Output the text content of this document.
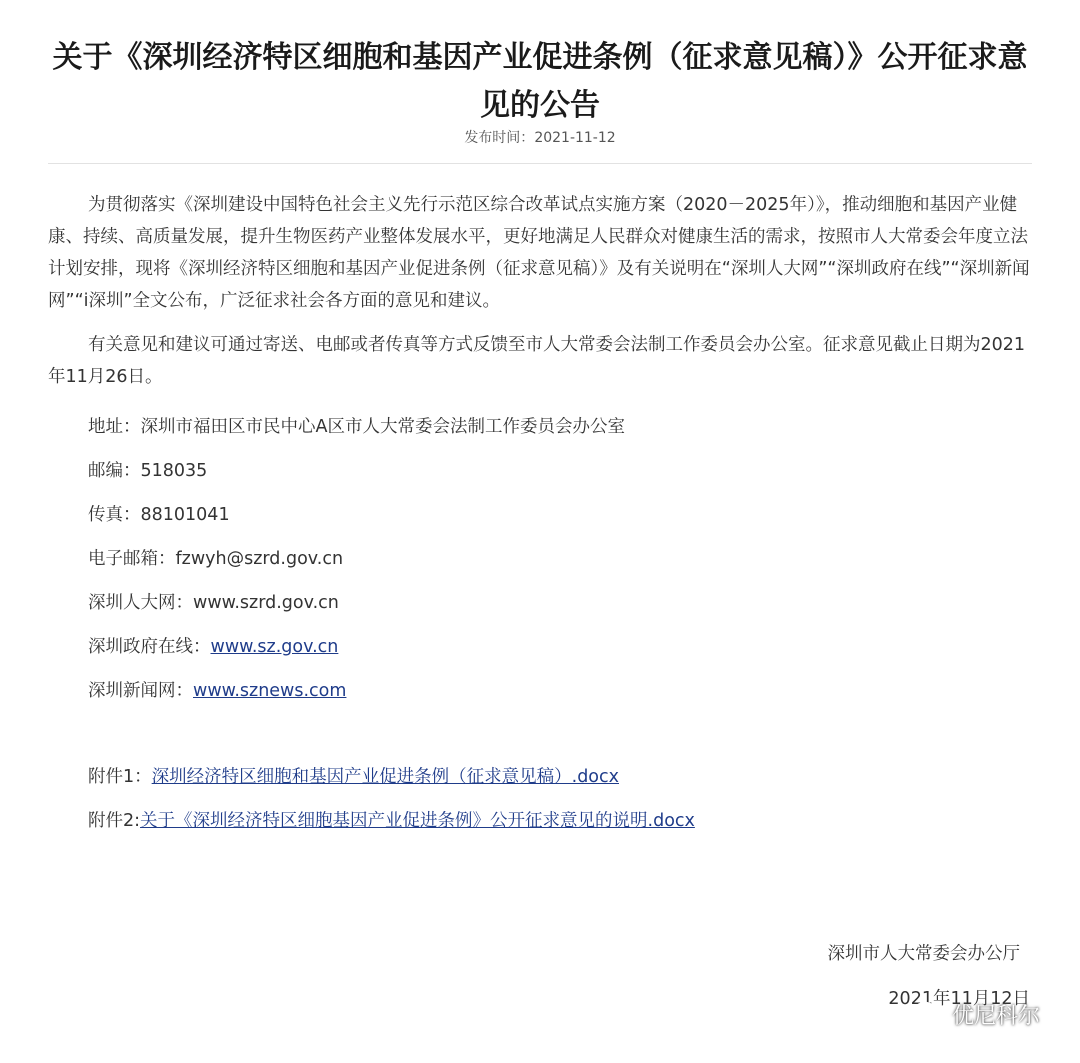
关于《深圳经济特区细胞和基因产业促进条例（征求意见稿）》公开征求意见的公告
发布时间：2021-11-12

为贯彻落实《深圳建设中国特色社会主义先行示范区综合改革试点实施方案（2020－2025年）》，推动细胞和基因产业健康、持续、高质量发展，提升生物医药产业整体发展水平，更好地满足人民群众对健康生活的需求，按照市人大常委会年度立法计划安排，现将《深圳经济特区细胞和基因产业促进条例（征求意见稿）》及有关说明在“深圳人大网”“深圳政府在线”“深圳新闻网”“i深圳”全文公布，广泛征求社会各方面的意见和建议。

有关意见和建议可通过寄送、电邮或者传真等方式反馈至市人大常委会法制工作委员会办公室。征求意见截止日期为2021年11月26日。

地址：深圳市福田区市民中心A区市人大常委会法制工作委员会办公室

邮编：518035

传真：88101041

电子邮箱：fzwyh@szrd.gov.cn

深圳人大网：www.szrd.gov.cn

深圳政府在线：www.sz.gov.cn

深圳新闻网：www.sznews.com

附件1：深圳经济特区细胞和基因产业促进条例（征求意见稿）.docx

附件2:关于《深圳经济特区细胞基因产业促进条例》公开征求意见的说明.docx

深圳市人大常委会办公厅
2021年11月12日
优尼科尔
